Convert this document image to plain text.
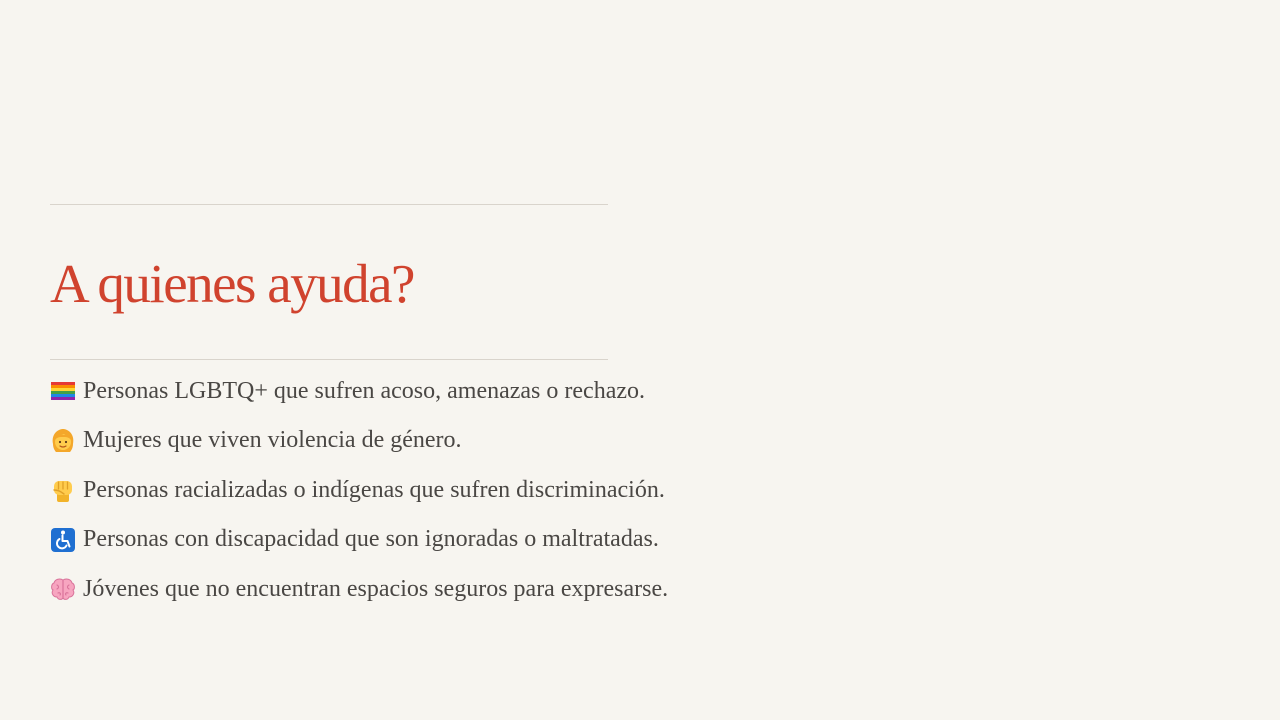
A quienes ayuda?
Personas LGBTQ+ que sufren acoso, amenazas o rechazo.
Mujeres que viven violencia de género.
Personas racializadas o indígenas que sufren discriminación.
Personas con discapacidad que son ignoradas o maltratadas.
Jóvenes que no encuentran espacios seguros para expresarse.
